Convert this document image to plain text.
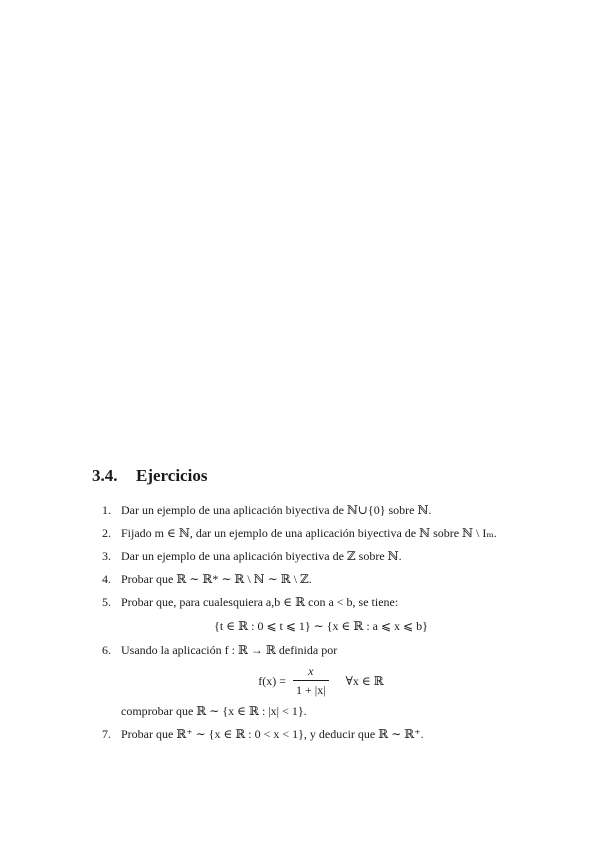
3.4. Ejercicios
1. Dar un ejemplo de una aplicación biyectiva de ℕ∪{0} sobre ℕ.
2. Fijado m ∈ ℕ, dar un ejemplo de una aplicación biyectiva de ℕ sobre ℕ \ Iₘ.
3. Dar un ejemplo de una aplicación biyectiva de ℤ sobre ℕ.
4. Probar que ℝ ∼ ℝ* ∼ ℝ \ ℕ ∼ ℝ \ ℤ.
5. Probar que, para cualesquiera a,b ∈ ℝ con a < b, se tiene:
{t ∈ ℝ : 0 ⩽ t ⩽ 1} ∼ {x ∈ ℝ : a ⩽ x ⩽ b}
6. Usando la aplicación f : ℝ → ℝ definida por
$f(x) = \frac{x}{1 + |x|}$ ∀x ∈ ℝ
comprobar que ℝ ∼ {x ∈ ℝ : |x| < 1}.
7. Probar que ℝ⁺ ∼ {x ∈ ℝ : 0 < x < 1}, y deducir que ℝ ∼ ℝ⁺.
